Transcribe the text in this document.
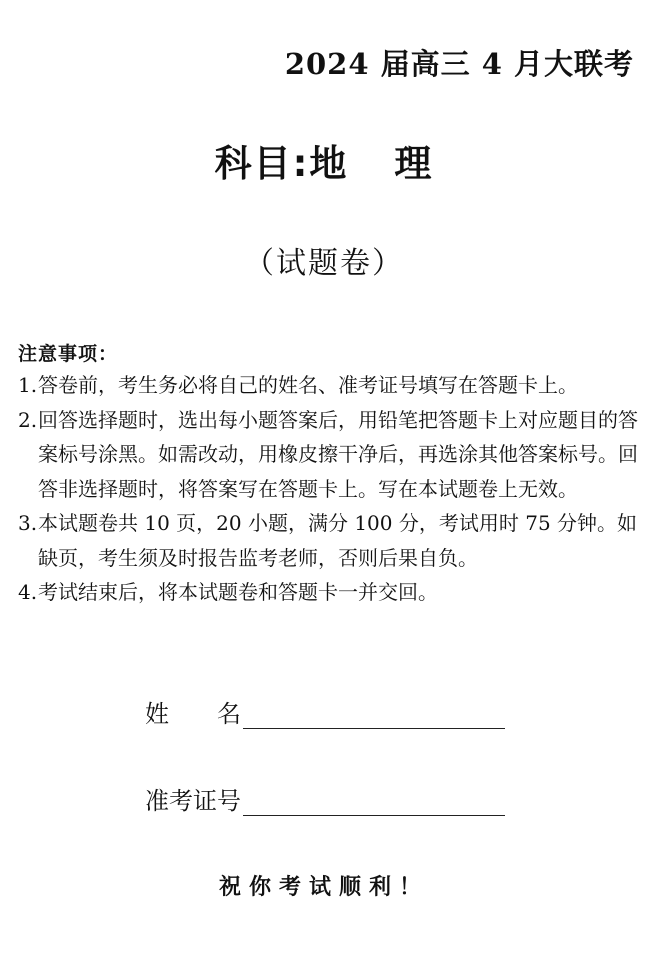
2024 届高三 4 月大联考
科目:地 理
（试题卷）
注意事项：
1. 答卷前，考生务必将自己的姓名、准考证号填写在答题卡上。
2. 回答选择题时，选出每小题答案后，用铅笔把答题卡上对应题目的答案标号涂黑。如需改动，用橡皮擦干净后，再选涂其他答案标号。回答非选择题时，将答案写在答题卡上。写在本试题卷上无效。
3. 本试题卷共 10 页，20 小题，满分 100 分，考试用时 75 分钟。如缺页，考生须及时报告监考老师，否则后果自负。
4. 考试结束后，将本试题卷和答题卡一并交回。
姓　　名
准考证号
祝你考试顺利！
